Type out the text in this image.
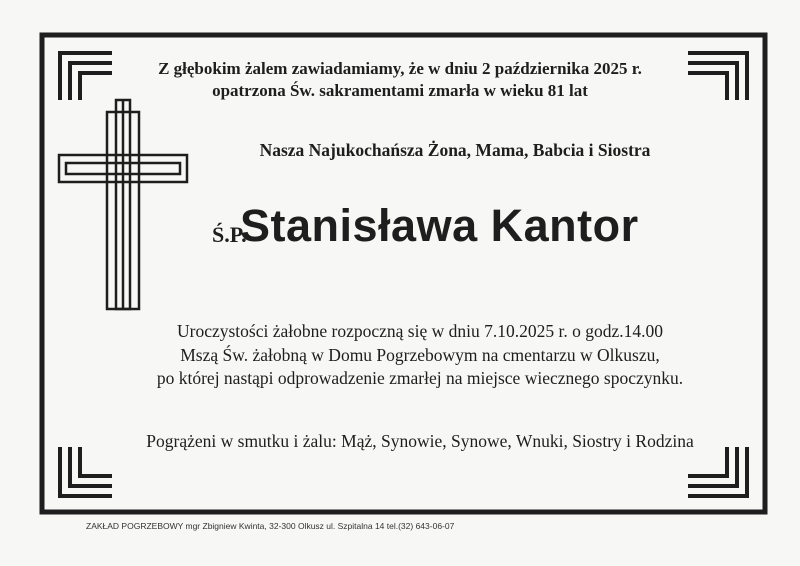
Z głębokim żalem zawiadamiamy, że w dniu 2 października 2025 r.
opatrzona Św. sakramentami zmarła w wieku 81 lat
Nasza Najukochańsza Żona, Mama, Babcia i Siostra
Ś.P.
Stanisława Kantor
Uroczystości żałobne rozpoczną się w dniu 7.10.2025 r. o godz.14.00
Mszą Św. żałobną w Domu Pogrzebowym na cmentarzu w Olkuszu,
po której nastąpi odprowadzenie zmarłej na miejsce wiecznego spoczynku.
Pogrążeni w smutku i żalu: Mąż, Synowie, Synowe, Wnuki, Siostry i Rodzina
ZAKŁAD POGRZEBOWY mgr Zbigniew Kwinta, 32-300 Olkusz ul. Szpitalna 14 tel.(32) 643-06-07
